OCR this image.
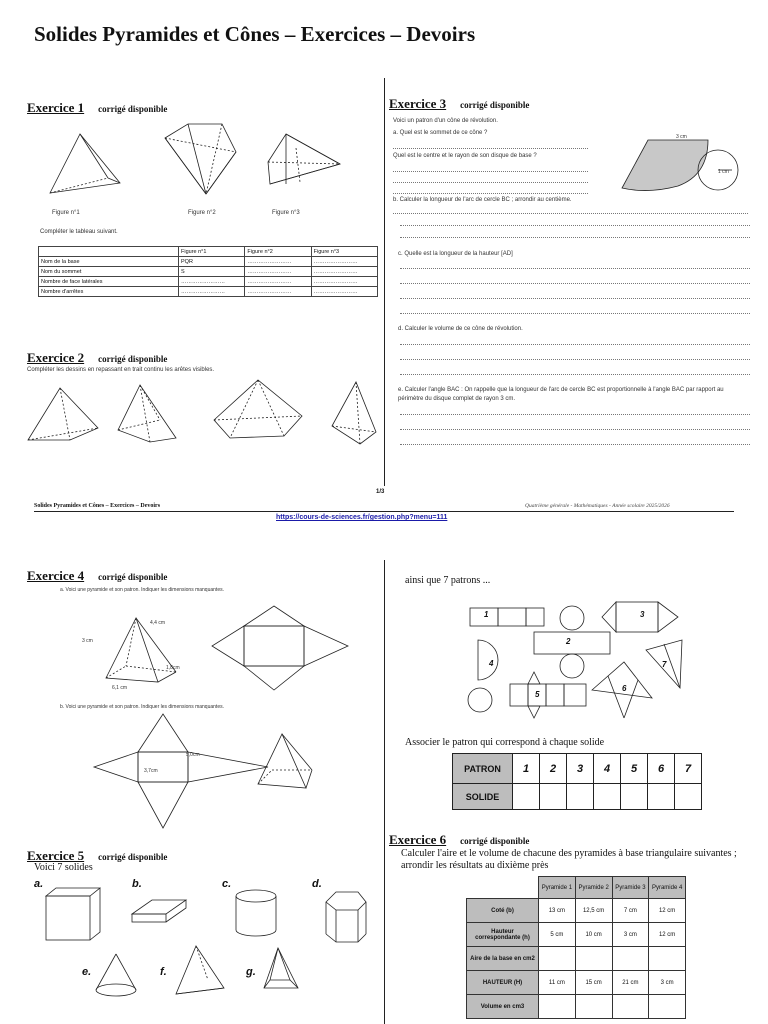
Solides Pyramides et Cônes – Exercices – Devoirs
Exercice 1 corrigé disponible
Figure n°1	Figure n°2	Figure n°3
Compléter le tableau suivant.
	Figure n°1	Figure n°2	Figure n°3
Nom de la base	PQR	……………………	……………………
Nom du sommet	S	……………………	……………………
Nombre de face latérales	……………………	……………………	……………………
Nombre d'arrêtes	……………………	……………………	……………………
Exercice 2 corrigé disponible
Compléter les dessins en repassant en trait continu les arêtes visibles.
Exercice 3 corrigé disponible
Voici un patron d'un cône de révolution.
a. Quel est le sommet de ce cône ?
Quel est le centre et le rayon de son disque de base ?
3 cm
1 cm
b. Calculer la longueur de l'arc de cercle BC ; arrondir au centième.
c. Quelle est la longueur de la hauteur [AD]
d. Calculer le volume de ce cône de révolution.
e. Calculer l'angle BAC : On rappelle que la longueur de l'arc de cercle BC est proportionnelle à l'angle BAC par rapport au périmètre du disque complet de rayon 3 cm.
1/3
Solides Pyramides et Cônes – Exercices – Devoirs	Quatrième générale - Mathématiques - Année scolaire 2025/2026
https://cours-de-sciences.fr/gestion.php?menu=111
Exercice 4 corrigé disponible
a. Voici une pyramide et son patron. Indiquer les dimensions manquantes.
3 cm
4,4 cm
1,8cm
6,1 cm
b. Voici une pyramide et son patron. Indiquer les dimensions manquantes.
5,0cm
3,7cm
Exercice 5 corrigé disponible
Voici 7 solides
a.	b.	c.	d.
e.	f.	g.
ainsi que 7 patrons ...
1
2
3
4
5
6
7
Associer le patron qui correspond à chaque solide
PATRON	1	2	3	4	5	6	7
SOLIDE							
Exercice 6 corrigé disponible
Calculer l'aire et le volume de chacune des pyramides à base triangulaire suivantes ; arrondir les résultats au dixième près
	Pyramide 1	Pyramide 2	Pyramide 3	Pyramide 4
Coté (b)	13 cm	12,5 cm	7 cm	12 cm
Hauteur correspondante (h)	5 cm	10 cm	3 cm	12 cm
Aire de la base en cm2				
HAUTEUR (H)	11 cm	15 cm	21 cm	3 cm
Volume en cm3				
